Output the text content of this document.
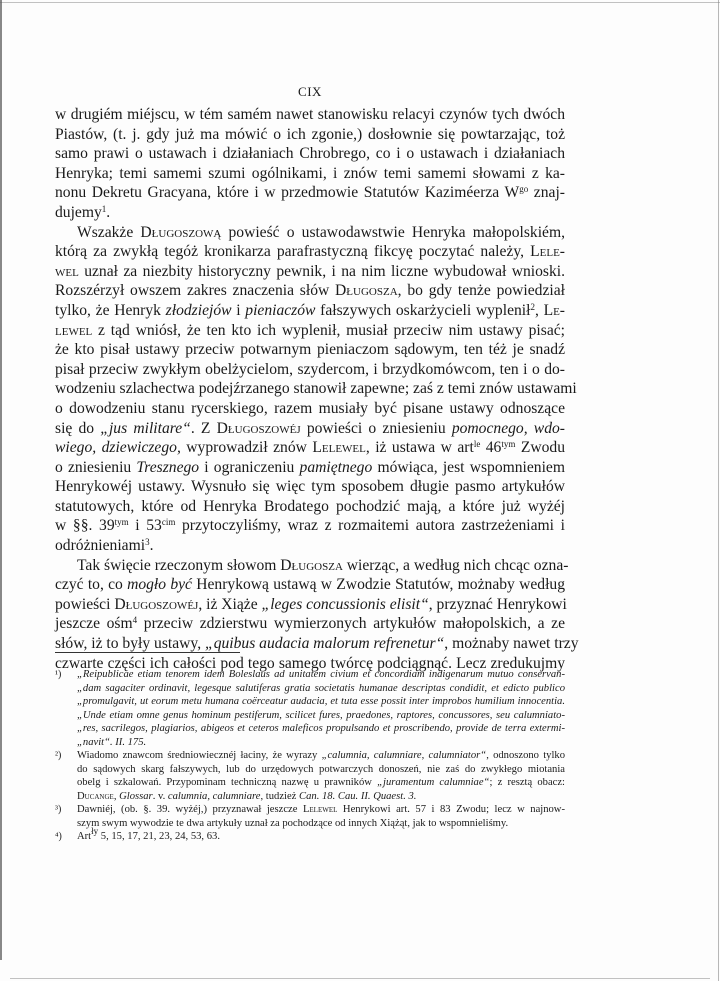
CIX
w drugiém miéjscu, w tém samém nawet stanowisku relacyi czynów tych dwóch
Piastów, (t. j. gdy już ma mówić o ich zgonie,) dosłownie się powtarzając, toż
samo prawi o ustawach i działaniach Chrobrego, co i o ustawach i działaniach
Henryka; temi samemi szumi ogólnikami, i znów temi samemi słowami z ka-
nonu Dekretu Gracyana, które i w przedmowie Statutów Kaziméerza $W^{go}$ znaj-
dujemy$^1$.
Wszakże Długoszową powieść o ustawodawstwie Henryka małopolskiém,
którą za zwykłą tegóż kronikarza parafrastyczną fikcyę poczytać należy, Lele-
wel uznał za niezbity historyczny pewnik, i na nim liczne wybudował wnioski.
Rozszérzył owszem zakres znaczenia słów Długosza, bo gdy tenże powiedział
tylko, że Henryk złodziejów i pieniaczów fałszywych oskarżycieli wyplenił$^2$, Le-
lewel z tąd wniósł, że ten kto ich wyplenił, musiał przeciw nim ustawy pisać;
że kto pisał ustawy przeciw potwarnym pieniaczom sądowym, ten téż je snadź
pisał przeciw zwykłym obelżycielom, szydercom, i brzydkomówcom, ten i o do-
wodzeniu szlachectwa podejźrzanego stanowił zapewne; zaś z temi znów ustawami
o dowodzeniu stanu rycerskiego, razem musiały być pisane ustawy odnoszące
się do „jus militare“. Z Długoszowéj powieści o zniesieniu pomocnego, wdo-
wiego, dziewiczego, wyprowadził znów Lelewel, iż ustawa w art$^{le}$ $46^{tym}$ Zwodu
o zniesieniu Tresznego i ograniczeniu pamiętnego mówiąca, jest wspomnieniem
Henrykowéj ustawy. Wysnuło się więc tym sposobem długie pasmo artykułów
statutowych, które od Henryka Brodatego pochodzić mają, a które już wyżéj
w §§. $39^{tym}$ i $53^{cim}$ przytoczyliśmy, wraz z rozmaitemi autora zastrzeżeniami i
odróżnieniami$^3$.
Tak święcie rzeczonym słowom Długosza wierząc, a według nich chcąc ozna-
czyć to, co mogło być Henrykową ustawą w Zwodzie Statutów, możnaby według
powieści Długoszowéj, iż Xiąże „leges concussionis elisit“, przyznać Henrykowi
jeszcze ośm$^4$ przeciw zdzierstwu wymierzonych artykułów małopolskich, a ze
słów, iż to były ustawy, „quibus audacia malorum refrenetur“, możnaby nawet trzy
czwarte części ich całości pod tego samego twórcę podciągnąć. Lecz zredukujmy
¹) „Reipublicae etiam tenorem idem Boleslaus ad unitatem civium et concordiam indigenarum mutuo conservan-
„dam sagaciter ordinavit, legesque salutiferas gratia societatis humanae descriptas condidit, et edicto publico
„promulgavit, ut eorum metu humana coërceatur audacia, et tuta esse possit inter improbos humilium innocentia.
„Unde etiam omne genus hominum pestiferum, scilicet fures, praedones, raptores, concussores, seu calumniato-
„res, sacrilegos, plagiarios, abigeos et ceteros maleficos propulsando et proscribendo, provide de terra extermi-
„navit“. II. 175.
²) Wiadomo znawcom średniowiecznéj łaciny, że wyrazy „calumnia, calumniare, calumniator“, odnoszono tylko
do sądowych skarg fałszywych, lub do urzędowych potwarczych donoszeń, nie zaś do zwykłego miotania
obelg i szkalowań. Przypominam techniczną nazwę u prawników „juramentum calumniae“; z resztą obacz:
Ducange, Glossar. v. calumnia, calumniare, tudzież Can. 18. Cau. II. Quaest. 3.
³) Dawniéj, (ob. §. 39. wyżéj,) przyznawał jeszcze Lelewel Henrykowi art. 57 i 83 Zwodu; lecz w najnow-
szym swym wywodzie te dwa artykuły uznał za pochodzące od innych Xiążąt, jak to wspomnieliśmy.
⁴) Art$^{ły}$ 5, 15, 17, 21, 23, 24, 53, 63.
